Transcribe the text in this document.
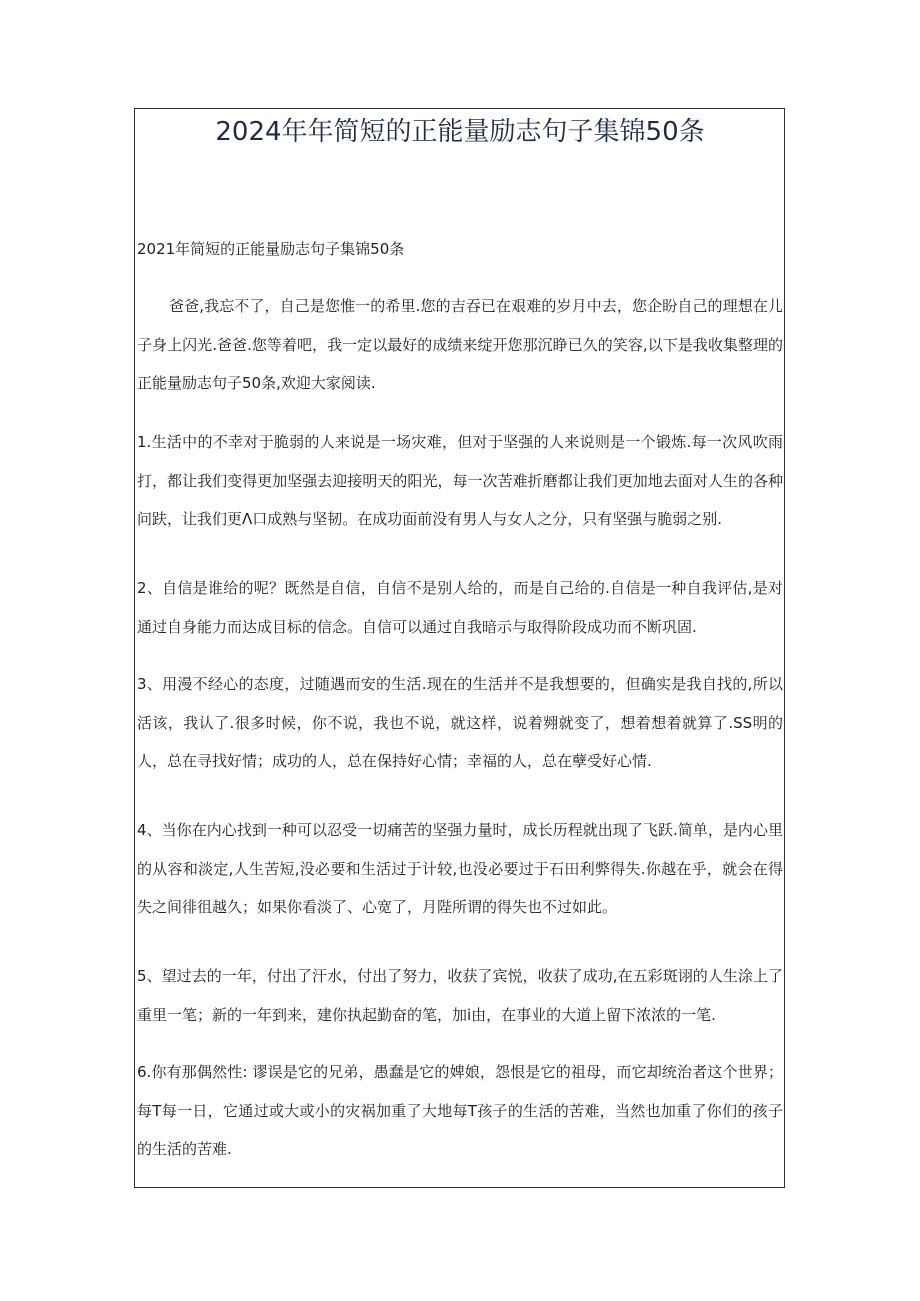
2024年年简短的正能量励志句子集锦50条
2021年简短的正能量励志句子集锦50条
爸爸,我忘不了，自己是您惟一的希里.您的吉吞已在艰难的岁月中去，您企盼自己的理想在儿子身上闪光.爸爸.您等着吧，我一定以最好的成绩来绽开您那沉睁已久的笑容,以下是我收集整理的正能量励志句子50条,欢迎大家阅读.
1.生活中的不幸对于脆弱的人来说是一场灾难，但对于坚强的人来说则是一个锻炼.每一次风吹雨打，都让我们变得更加坚强去迎接明天的阳光，每一次苦难折磨都让我们更加地去面对人生的各种问趺，让我们更Λ口成熟与坚韧。在成功面前没有男人与女人之分，只有坚强与脆弱之别.
2、自信是谁给的呢？既然是自信，自信不是别人给的，而是自己给的.自信是一种自我评估,是对通过自身能力而达成目标的信念。自信可以通过自我暗示与取得阶段成功而不断巩固.
3、用漫不经心的态度，过随遇而安的生活.现在的生活并不是我想要的，但确实是我自找的,所以活该，我认了.很多时候，你不说，我也不说，就这样，说着翙就变了，想着想着就算了.SS明的人，总在寻找好情；成功的人，总在保持好心情；幸福的人，总在孽受好心情.
4、当你在内心找到一种可以忍受一切痛苦的坚强力量时，成长历程就出现了飞跃.简单，是内心里的从容和淡定,人生苦短,没必要和生活过于计较,也没必要过于石田利弊得失.你越在乎，就会在得失之间徘徂越久；如果你看淡了、心宽了，月陛所谓的得失也不过如此。
5、望过去的一年，付出了汗水，付出了努力，收获了宾悦，收获了成功,在五彩斑诩的人生涂上了重里一笔；新的一年到来，建你执起勤奋的笔，加i由，在事业的大道上留下浓浓的一笔.
6.你有那偶然性: 谬误是它的兄弟，愚蠢是它的婢娘，怨恨是它的祖母，而它却统治者这个世界；每T每一日，它通过或大或小的灾祸加重了大地每T孩子的生活的苦难，当然也加重了你们的孩子的生活的苦难.
